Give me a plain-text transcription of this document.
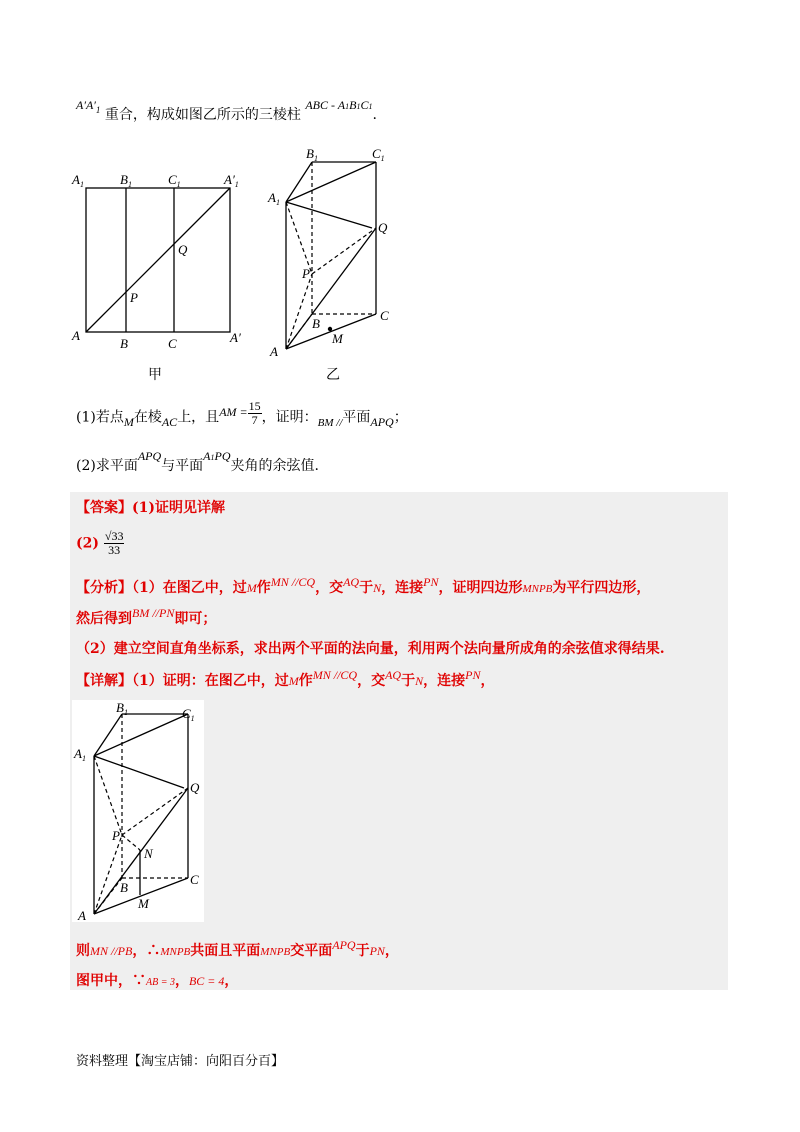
$A'A'^1$ 重合，构成如图乙所示的三棱柱 ABC - A1B1C1.
$A_1$	$B_1$	$C_1$	$A'_1$
Q
P
A
B	C	A′
甲
$B_1$	$C_1$
$A_1$
Q
P
B
C
M
A
乙
(1)若点M在棱AC上，且AM = $\frac{15}{7}$ ，证明：$_{BM //}$平面APQ；
(2)求平面APQ与平面A1PQ夹角的余弦值.
【答案】(1)证明见详解
$(2) \frac{√33}{33}$
【分析】（1）在图乙中，过M作MN //CQ，交AQ于N，连接PN，证明四边形MNPB为平行四边形，
然后得到BM //PN即可；
（2）建立空间直角坐标系，求出两个平面的法向量，利用两个法向量所成角的余弦值求得结果.
【详解】（1）证明：在图乙中，过M作MN //CQ，交AQ于N，连接PN，
$B_1$	$C_1$
$A_1$
Q
P
N
B
C
M
A
则MN //PB，∴MNPB共面且平面MNPB交平面APQ于PN，
图甲中，∵AB = 3，BC = 4，
资料整理【淘宝店铺：向阳百分百】
